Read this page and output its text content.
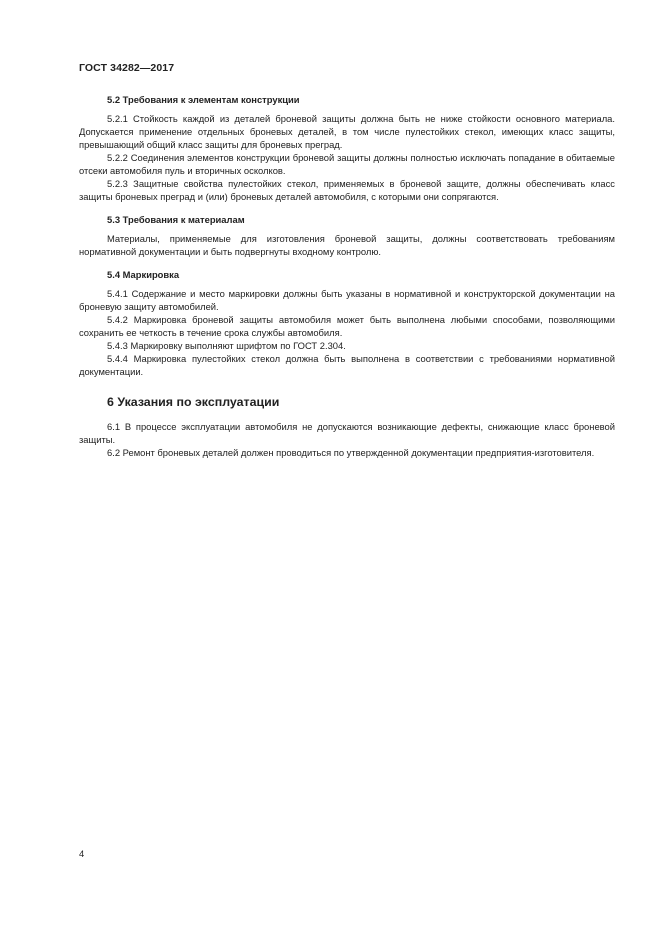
ГОСТ 34282—2017
5.2 Требования к элементам конструкции

5.2.1 Стойкость каждой из деталей броневой защиты должна быть не ниже стойкости основного материала. Допускается применение отдельных броневых деталей, в том числе пулестойких стекол, имеющих класс защиты, превышающий общий класс защиты для броневых преград.

5.2.2 Соединения элементов конструкции броневой защиты должны полностью исключать попадание в обитаемые отсеки автомобиля пуль и вторичных осколков.

5.2.3 Защитные свойства пулестойких стекол, применяемых в броневой защите, должны обеспечивать класс защиты броневых преград и (или) броневых деталей автомобиля, с которыми они сопрягаются.

5.3 Требования к материалам

Материалы, применяемые для изготовления броневой защиты, должны соответствовать требованиям нормативной документации и быть подвергнуты входному контролю.

5.4 Маркировка

5.4.1 Содержание и место маркировки должны быть указаны в нормативной и конструкторской документации на броневую защиту автомобилей.

5.4.2 Маркировка броневой защиты автомобиля может быть выполнена любыми способами, позволяющими сохранить ее четкость в течение срока службы автомобиля.

5.4.3 Маркировку выполняют шрифтом по ГОСТ 2.304.

5.4.4 Маркировка пулестойких стекол должна быть выполнена в соответствии с требованиями нормативной документации.

6 Указания по эксплуатации

6.1 В процессе эксплуатации автомобиля не допускаются возникающие дефекты, снижающие класс броневой защиты.

6.2 Ремонт броневых деталей должен проводиться по утвержденной документации предприятия-изготовителя.

4
